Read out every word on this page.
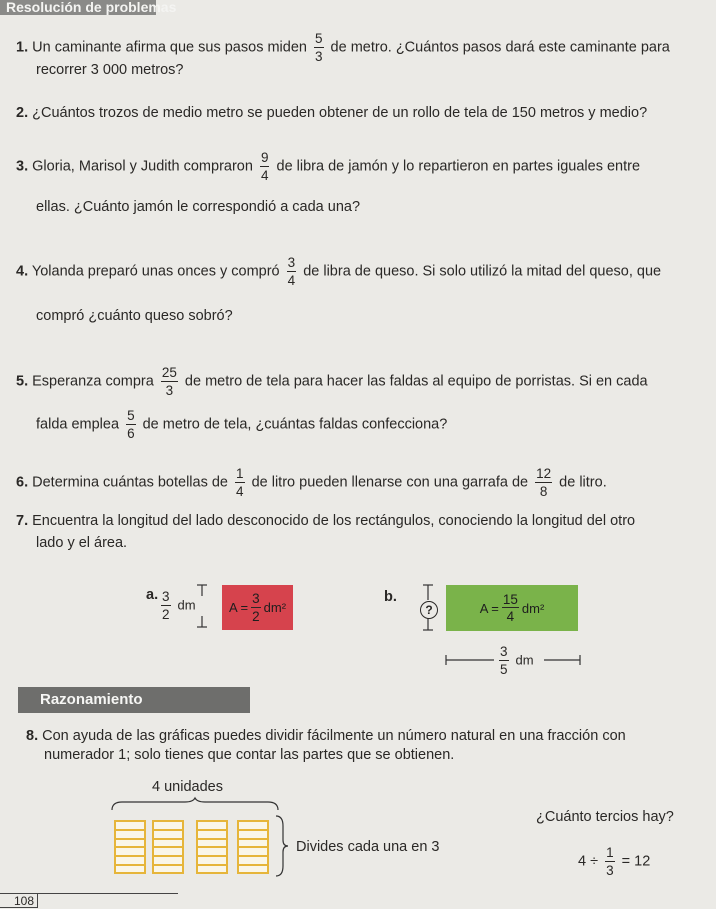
Resolución de problemas
1. Un caminante afirma que sus pasos miden $\frac{5}{3}$ de metro. ¿Cuántos pasos dará este caminante para
recorrer 3 000 metros?
2. ¿Cuántos trozos de medio metro se pueden obtener de un rollo de tela de 150 metros y medio?
3. Gloria, Marisol y Judith compraron $\frac{9}{4}$ de libra de jamón y lo repartieron en partes iguales entre
ellas. ¿Cuánto jamón le correspondió a cada una?
4. Yolanda preparó unas onces y compró $\frac{3}{4}$ de libra de queso. Si solo utilizó la mitad del queso, que
compró ¿cuánto queso sobró?
5. Esperanza compra $\frac{25}{3}$ de metro de tela para hacer las faldas al equipo de porristas. Si en cada
falda emplea $\frac{5}{6}$ de metro de tela, ¿cuántas faldas confecciona?
6. Determina cuántas botellas de $\frac{1}{4}$ de litro pueden llenarse con una garrafa de $\frac{12}{8}$ de litro.
7. Encuentra la longitud del lado desconocido de los rectángulos, conociendo la longitud del otro
lado y el área.
a. $\frac{3}{2}$ dm	$A = \frac{3}{2} dm^2$
b.
?	$A = \frac{15}{4} dm^2$
$\frac{3}{5}$ dm
Razonamiento
8. Con ayuda de las gráficas puedes dividir fácilmente un número natural en una fracción con
numerador 1; solo tienes que contar las partes que se obtienen.
4 unidades
Divides cada una en 3
¿Cuánto tercios hay?
$4 \div \frac{1}{3} = 12$
108
